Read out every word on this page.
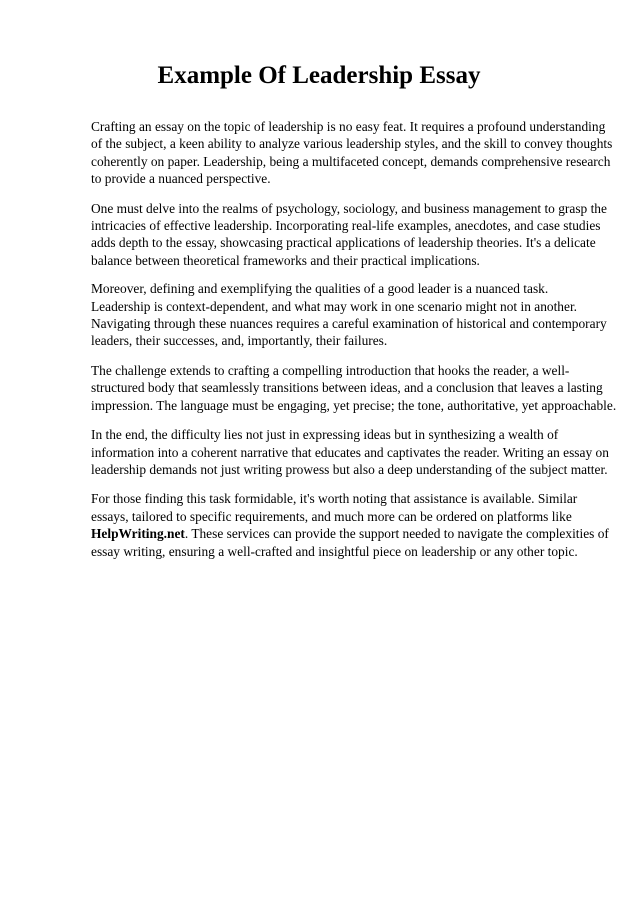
Example Of Leadership Essay

Crafting an essay on the topic of leadership is no easy feat. It requires a profound understanding
of the subject, a keen ability to analyze various leadership styles, and the skill to convey thoughts
coherently on paper. Leadership, being a multifaceted concept, demands comprehensive research
to provide a nuanced perspective.

One must delve into the realms of psychology, sociology, and business management to grasp the
intricacies of effective leadership. Incorporating real-life examples, anecdotes, and case studies
adds depth to the essay, showcasing practical applications of leadership theories. It's a delicate
balance between theoretical frameworks and their practical implications.

Moreover, defining and exemplifying the qualities of a good leader is a nuanced task.
Leadership is context-dependent, and what may work in one scenario might not in another.
Navigating through these nuances requires a careful examination of historical and contemporary
leaders, their successes, and, importantly, their failures.

The challenge extends to crafting a compelling introduction that hooks the reader, a well-
structured body that seamlessly transitions between ideas, and a conclusion that leaves a lasting
impression. The language must be engaging, yet precise; the tone, authoritative, yet approachable.

In the end, the difficulty lies not just in expressing ideas but in synthesizing a wealth of
information into a coherent narrative that educates and captivates the reader. Writing an essay on
leadership demands not just writing prowess but also a deep understanding of the subject matter.

For those finding this task formidable, it's worth noting that assistance is available. Similar
essays, tailored to specific requirements, and much more can be ordered on platforms like
HelpWriting.net. These services can provide the support needed to navigate the complexities of
essay writing, ensuring a well-crafted and insightful piece on leadership or any other topic.
